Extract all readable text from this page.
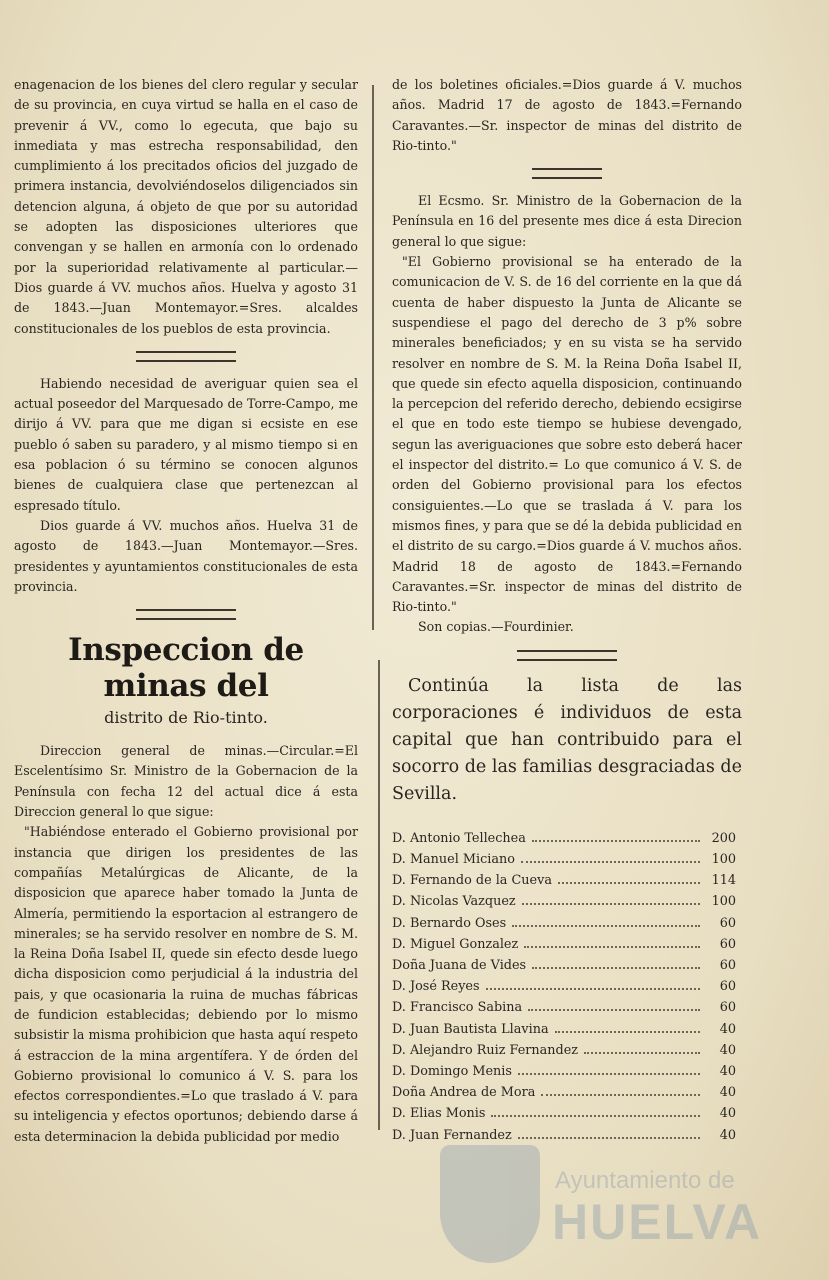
enagenacion de los bienes del clero regular y secular de su provincia, en cuya virtud se halla en el caso de prevenir á VV., como lo egecuta, que bajo su inmediata y mas estrecha responsabilidad, den cumplimiento á los precitados oficios del juzgado de primera instancia, devolviéndoselos diligenciados sin detencion alguna, á objeto de que por su autoridad se adopten las disposiciones ulteriores que convengan y se hallen en armonía con lo ordenado por la superioridad relativamente al particular.— Dios guarde á VV. muchos años. Huelva y agosto 31 de 1843.—Juan Montemayor.=Sres. alcaldes constitucionales de los pueblos de esta provincia.

Habiendo necesidad de averiguar quien sea el actual poseedor del Marquesado de Torre-Campo, me dirijo á VV. para que me digan si ecsiste en ese pueblo ó saben su paradero, y al mismo tiempo si en esa poblacion ó su término se conocen algunos bienes de cualquiera clase que pertenezcan al espresado título.

Dios guarde á VV. muchos años. Huelva 31 de agosto de 1843.—Juan Montemayor.—Sres. presidentes y ayuntamientos constitucionales de esta provincia.

Inspeccion de minas del
distrito de Rio-tinto.

Direccion general de minas.—Circular.=El Escelentísimo Sr. Ministro de la Gobernacion de la Península con fecha 12 del actual dice á esta Direccion general lo que sigue:

"Habiéndose enterado el Gobierno provisional por instancia que dirigen los presidentes de las compañías Metalúrgicas de Alicante, de la disposicion que aparece haber tomado la Junta de Almería, permitiendo la esportacion al estrangero de minerales; se ha servido resolver en nombre de S. M. la Reina Doña Isabel II, quede sin efecto desde luego dicha disposicion como perjudicial á la industria del pais, y que ocasionaria la ruina de muchas fábricas de fundicion establecidas; debiendo por lo mismo subsistir la misma prohibicion que hasta aquí respeto á estraccion de la mina argentífera. Y de órden del Gobierno provisional lo comunico á V. S. para los efectos correspondientes.=Lo que traslado á V. para su inteligencia y efectos oportunos; debiendo darse á esta determinacion la debida publicidad por medio

de los boletines oficiales.=Dios guarde á V. muchos años. Madrid 17 de agosto de 1843.=Fernando Caravantes.—Sr. inspector de minas del distrito de Rio-tinto."

El Ecsmo. Sr. Ministro de la Gobernacion de la Península en 16 del presente mes dice á esta Direcion general lo que sigue:

"El Gobierno provisional se ha enterado de la comunicacion de V. S. de 16 del corriente en la que dá cuenta de haber dispuesto la Junta de Alicante se suspendiese el pago del derecho de 3 p% sobre minerales beneficiados; y en su vista se ha servido resolver en nombre de S. M. la Reina Doña Isabel II, que quede sin efecto aquella disposicion, continuando la percepcion del referido derecho, debiendo ecsigirse el que en todo este tiempo se hubiese devengado, segun las averiguaciones que sobre esto deberá hacer el inspector del distrito.= Lo que comunico á V. S. de orden del Gobierno provisional para los efectos consiguientes.—Lo que se traslada á V. para los mismos fines, y para que se dé la debida publicidad en el distrito de su cargo.=Dios guarde á V. muchos años. Madrid 18 de agosto de 1843.=Fernando Caravantes.=Sr. inspector de minas del distrito de Rio-tinto."

Son copias.—Fourdinier.

Continúa la lista de las corporaciones é individuos de esta capital que han contribuido para el socorro de las familias desgraciadas de Sevilla.

D. Antonio Tellechea	200
D. Manuel Miciano	100
D. Fernando de la Cueva	114
D. Nicolas Vazquez	100
D. Bernardo Oses	60
D. Miguel Gonzalez	60
Doña Juana de Vides	60
D. José Reyes	60
D. Francisco Sabina	60
D. Juan Bautista Llavina	40
D. Alejandro Ruiz Fernandez	40
D. Domingo Menis	40
Doña Andrea de Mora	40
D. Elias Monis	40
D. Juan Fernandez	40
Ayuntamiento de
HUELVA
